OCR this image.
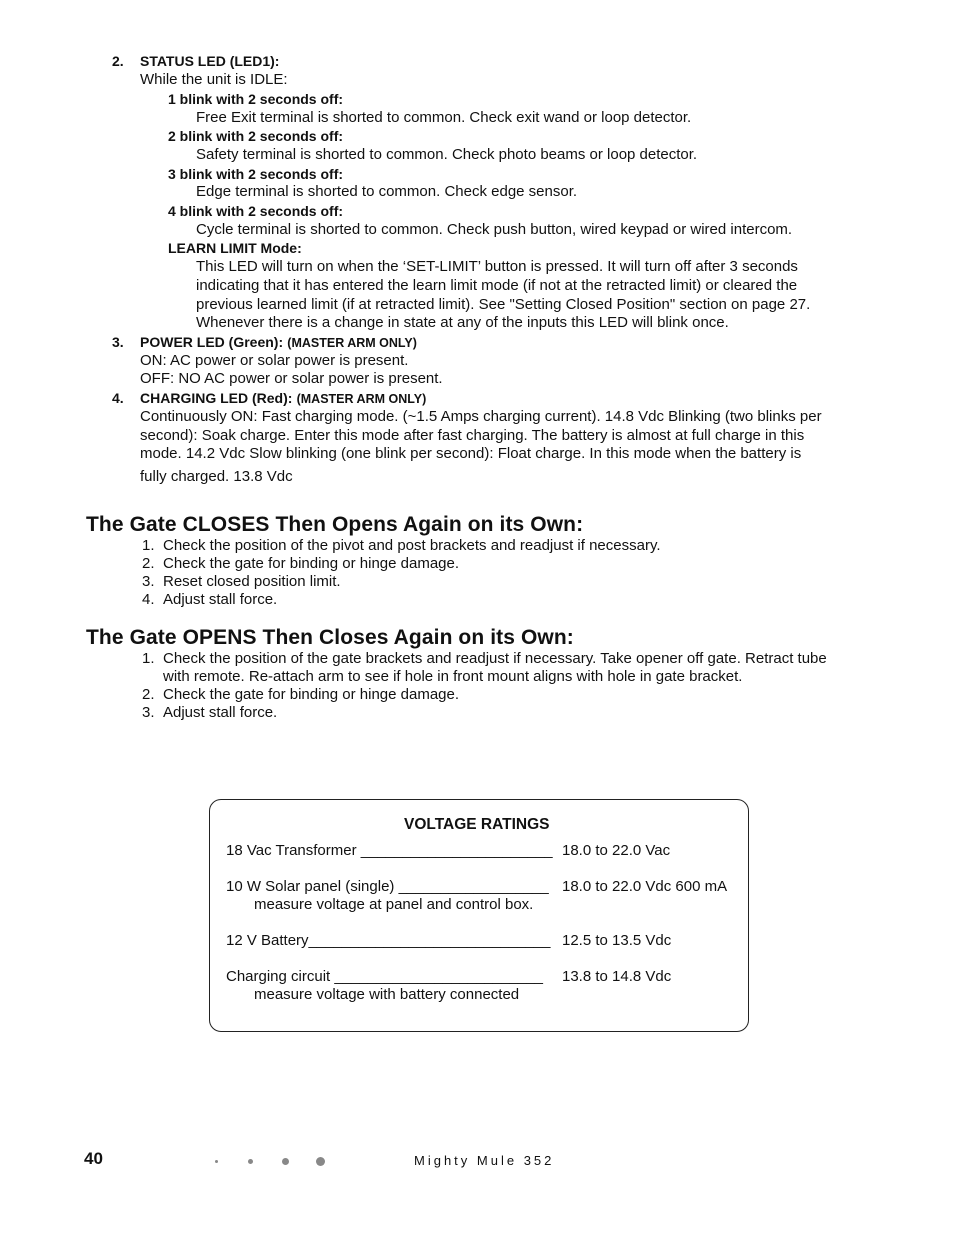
2. STATUS LED (LED1):
While the unit is IDLE:
1 blink with 2 seconds off:
Free Exit terminal is shorted to common. Check exit wand or loop detector.
2 blink with 2 seconds off:
Safety terminal is shorted to common. Check photo beams or loop detector.
3 blink with 2 seconds off:
Edge terminal is shorted to common. Check edge sensor.
4 blink with 2 seconds off:
Cycle terminal is shorted to common. Check push button, wired keypad or wired intercom.
LEARN LIMIT Mode:
This LED will turn on when the ‘SET-LIMIT’ button is pressed. It will turn off after 3 seconds
indicating that it has entered the learn limit mode (if not at the retracted limit) or cleared the
previous learned limit (if at retracted limit). See "Setting Closed Position" section on page 27.
Whenever there is a change in state at any of the inputs this LED will blink once.
3. POWER LED (Green): (MASTER ARM ONLY)
ON: AC power or solar power is present.
OFF: NO AC power or solar power is present.
4. CHARGING LED (Red): (MASTER ARM ONLY)
Continuously ON: Fast charging mode. (~1.5 Amps charging current). 14.8 Vdc Blinking (two blinks per
second): Soak charge. Enter this mode after fast charging. The battery is almost at full charge in this
mode. 14.2 Vdc Slow blinking (one blink per second): Float charge. In this mode when the battery is
fully charged. 13.8 Vdc
The Gate CLOSES Then Opens Again on its Own:
1. Check the position of the pivot and post brackets and readjust if necessary.
2. Check the gate for binding or hinge damage.
3. Reset closed position limit.
4. Adjust stall force.
The Gate OPENS Then Closes Again on its Own:
1. Check the position of the gate brackets and readjust if necessary. Take opener off gate. Retract tube
with remote. Re-attach arm to see if hole in front mount aligns with hole in gate bracket.
2. Check the gate for binding or hinge damage.
3. Adjust stall force.
VOLTAGE RATINGS
18 Vac Transformer _______________________ 18.0 to 22.0 Vac
10 W Solar panel (single) __________________ 18.0 to 22.0 Vdc 600 mA
measure voltage at panel and control box.
12 V Battery_____________________________ 12.5 to 13.5 Vdc
Charging circuit _________________________ 13.8 to 14.8 Vdc
measure voltage with battery connected
40	Mighty Mule 352
